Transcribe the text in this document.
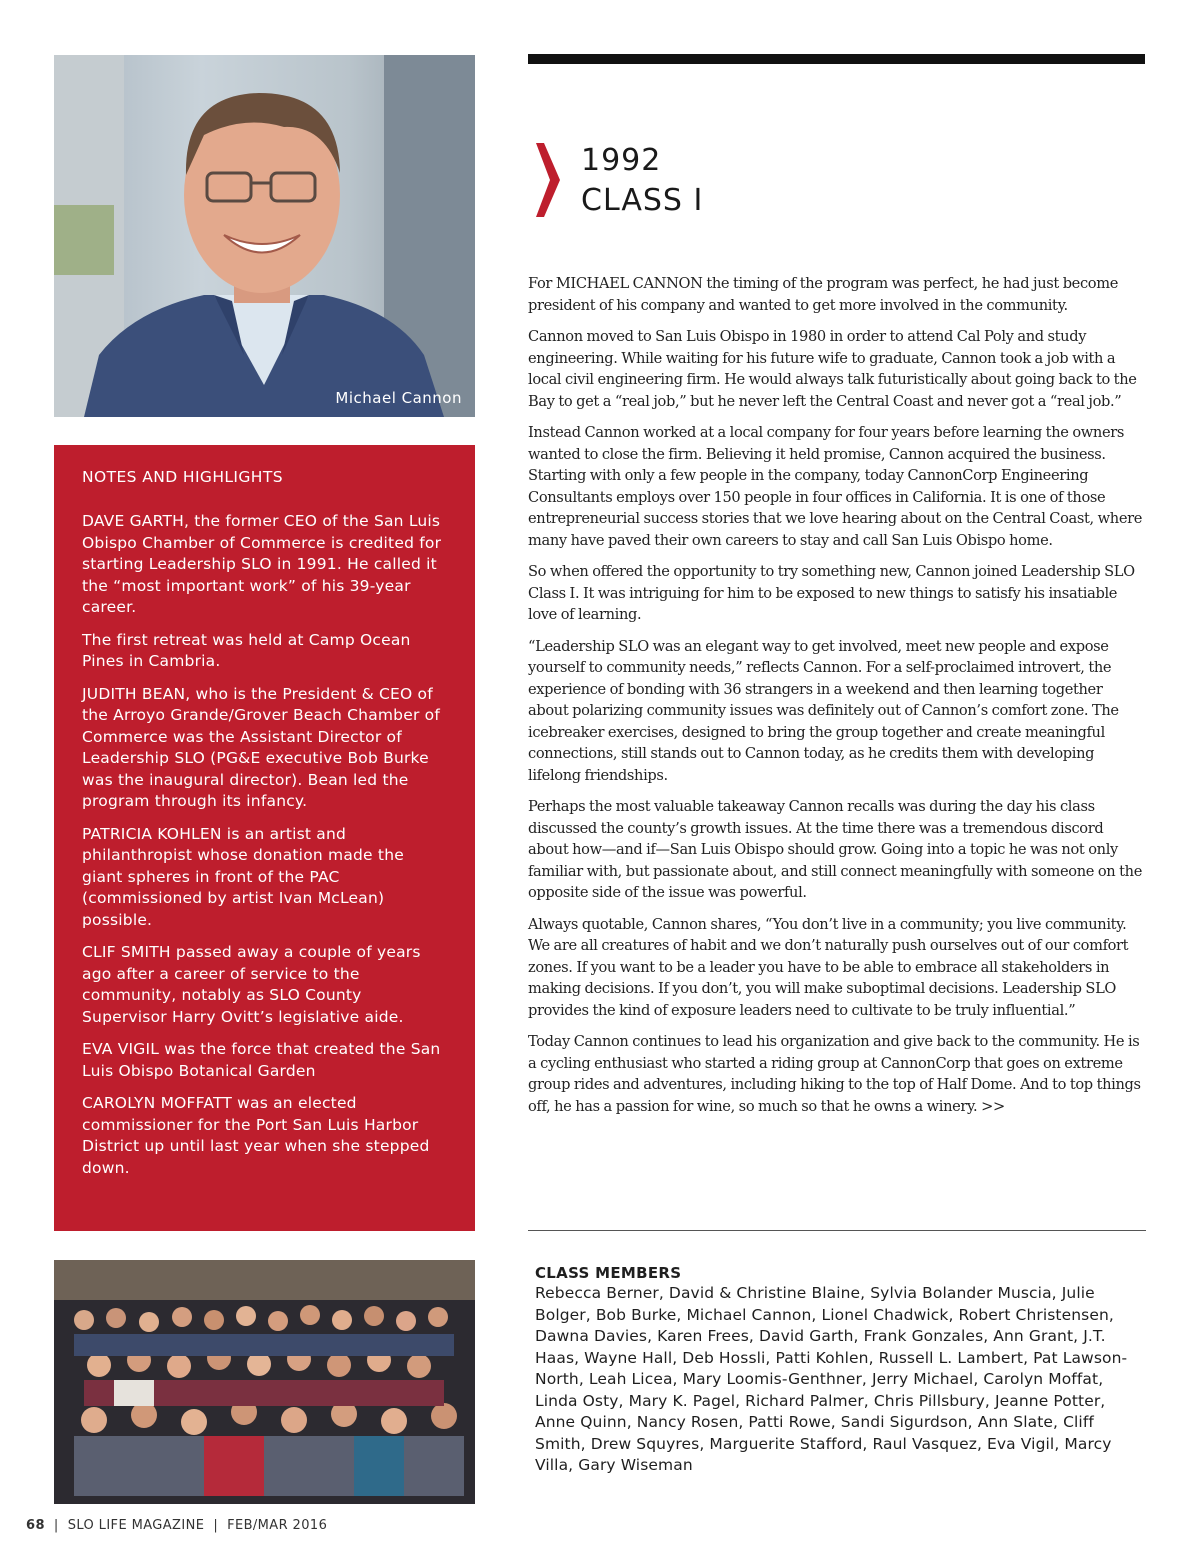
Michael Cannon
NOTES AND HIGHLIGHTS

DAVE GARTH, the former CEO of the San Luis Obispo Chamber of Commerce is credited for starting Leadership SLO in 1991. He called it the “most important work” of his 39-year career.

The first retreat was held at Camp Ocean Pines in Cambria.

JUDITH BEAN, who is the President & CEO of the Arroyo Grande/Grover Beach Chamber of Commerce was the Assistant Director of Leadership SLO (PG&E executive Bob Burke was the inaugural director). Bean led the program through its infancy.

PATRICIA KOHLEN is an artist and philanthropist whose donation made the giant spheres in front of the PAC (commissioned by artist Ivan McLean) possible.

CLIF SMITH passed away a couple of years ago after a career of service to the community, notably as SLO County Supervisor Harry Ovitt’s legislative aide.

EVA VIGIL was the force that created the San Luis Obispo Botanical Garden

CAROLYN MOFFATT was an elected commissioner for the Port San Luis Harbor District up until last year when she stepped down.

1992
CLASS I

For MICHAEL CANNON the timing of the program was perfect, he had just become president of his company and wanted to get more involved in the community.

Cannon moved to San Luis Obispo in 1980 in order to attend Cal Poly and study engineering. While waiting for his future wife to graduate, Cannon took a job with a local civil engineering firm. He would always talk futuristically about going back to the Bay to get a “real job,” but he never left the Central Coast and never got a “real job.”

Instead Cannon worked at a local company for four years before learning the owners wanted to close the firm. Believing it held promise, Cannon acquired the business. Starting with only a few people in the company, today CannonCorp Engineering Consultants employs over 150 people in four offices in California. It is one of those entrepreneurial success stories that we love hearing about on the Central Coast, where many have paved their own careers to stay and call San Luis Obispo home.

So when offered the opportunity to try something new, Cannon joined Leadership SLO Class I. It was intriguing for him to be exposed to new things to satisfy his insatiable love of learning.

“Leadership SLO was an elegant way to get involved, meet new people and expose yourself to community needs,” reflects Cannon. For a self-proclaimed introvert, the experience of bonding with 36 strangers in a weekend and then learning together about polarizing community issues was definitely out of Cannon’s comfort zone. The icebreaker exercises, designed to bring the group together and create meaningful connections, still stands out to Cannon today, as he credits them with developing lifelong friendships.

Perhaps the most valuable takeaway Cannon recalls was during the day his class discussed the county’s growth issues. At the time there was a tremendous discord about how—and if—San Luis Obispo should grow. Going into a topic he was not only familiar with, but passionate about, and still connect meaningfully with someone on the opposite side of the issue was powerful.

Always quotable, Cannon shares, “You don’t live in a community; you live community. We are all creatures of habit and we don’t naturally push ourselves out of our comfort zones. If you want to be a leader you have to be able to embrace all stakeholders in making decisions. If you don’t, you will make suboptimal decisions. Leadership SLO provides the kind of exposure leaders need to cultivate to be truly influential.”

Today Cannon continues to lead his organization and give back to the community. He is a cycling enthusiast who started a riding group at CannonCorp that goes on extreme group rides and adventures, including hiking to the top of Half Dome. And to top things off, he has a passion for wine, so much so that he owns a winery. >>

CLASS MEMBERS
Rebecca Berner, David & Christine Blaine, Sylvia Bolander Muscia, Julie Bolger, Bob Burke, Michael Cannon, Lionel Chadwick, Robert Christensen, Dawna Davies, Karen Frees, David Garth, Frank Gonzales, Ann Grant, J.T. Haas, Wayne Hall, Deb Hossli, Patti Kohlen, Russell L. Lambert, Pat Lawson-North, Leah Licea, Mary Loomis-Genthner, Jerry Michael, Carolyn Moffat, Linda Osty, Mary K. Pagel, Richard Palmer, Chris Pillsbury, Jeanne Potter, Anne Quinn, Nancy Rosen, Patti Rowe, Sandi Sigurdson, Ann Slate, Cliff Smith, Drew Squyres, Marguerite Stafford, Raul Vasquez, Eva Vigil, Marcy Villa, Gary Wiseman
68 | SLO LIFE MAGAZINE | FEB/MAR 2016
